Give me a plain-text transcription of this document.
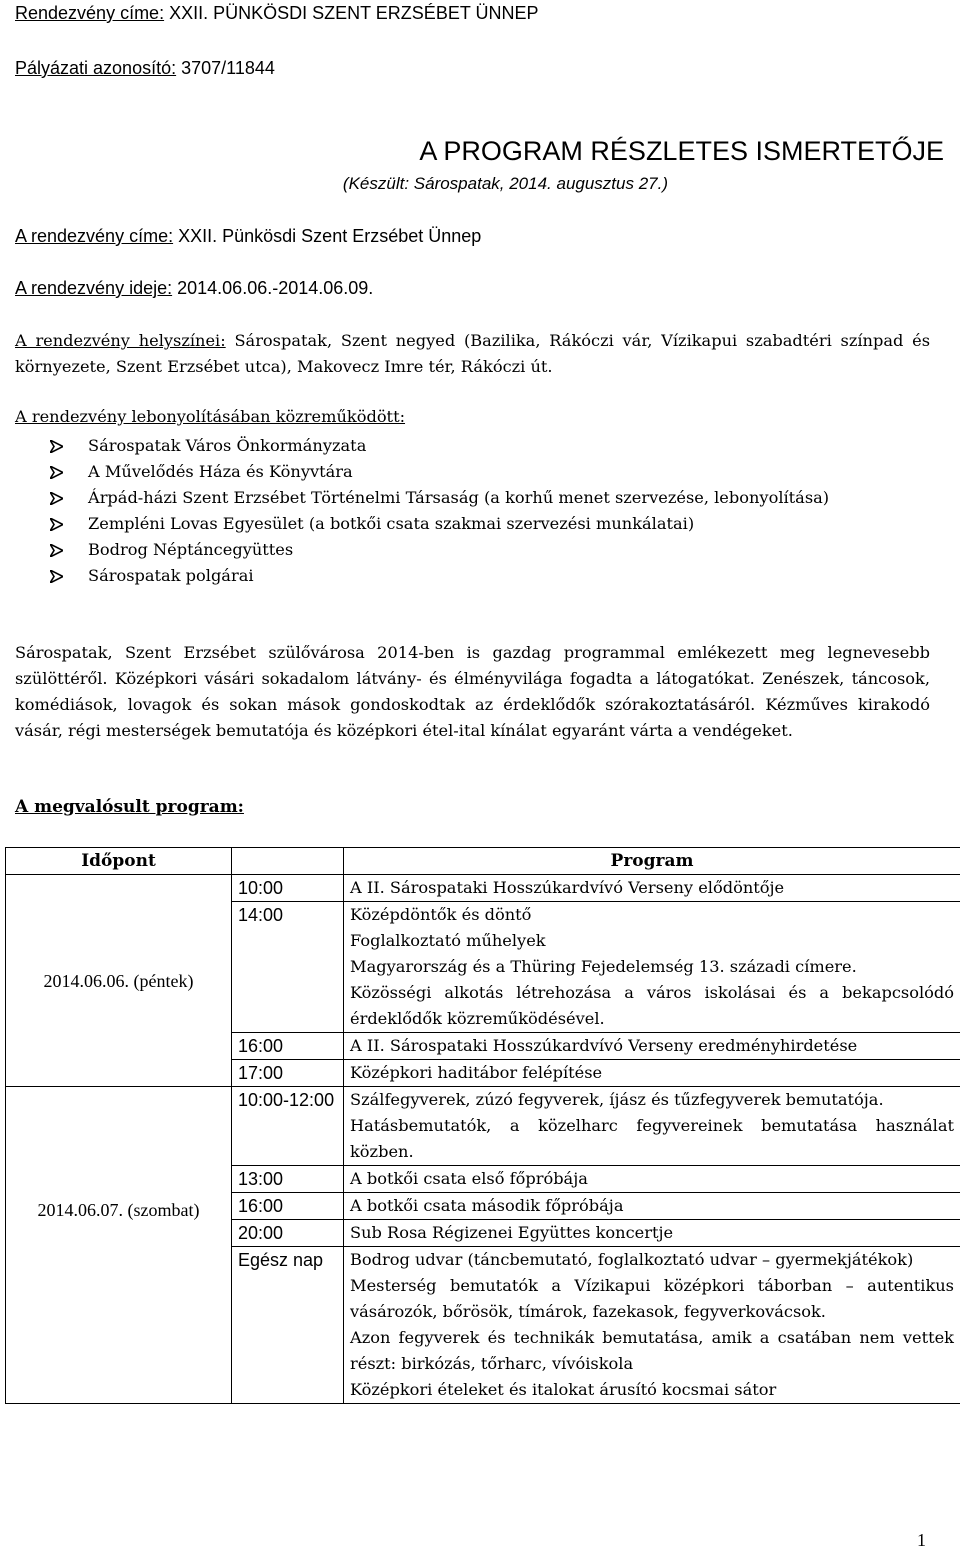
Rendezvény címe: XXII. PÜNKÖSDI SZENT ERZSÉBET ÜNNEP
Pályázati azonosító: 3707/11844
A PROGRAM RÉSZLETES ISMERTETŐJE
(Készült: Sárospatak, 2014. augusztus 27.)
A rendezvény címe: XXII. Pünkösdi Szent Erzsébet Ünnep
A rendezvény ideje: 2014.06.06.-2014.06.09.
A rendezvény helyszínei: Sárospatak, Szent negyed (Bazilika, Rákóczi vár, Vízikapui szabadtéri színpad és környezete, Szent Erzsébet utca), Makovecz Imre tér, Rákóczi út.
A rendezvény lebonyolításában közreműködött:
Sárospatak Város Önkormányzata
A Művelődés Háza és Könyvtára
Árpád-házi Szent Erzsébet Történelmi Társaság (a korhű menet szervezése, lebonyolítása)
Zempléni Lovas Egyesület (a botkői csata szakmai szervezési munkálatai)
Bodrog Néptáncegyüttes
Sárospatak polgárai
Sárospatak, Szent Erzsébet szülővárosa 2014-ben is gazdag programmal emlékezett meg legnevesebb szülöttéről. Középkori vásári sokadalom látvány- és élményvilága fogadta a látogatókat. Zenészek, táncosok, komédiások, lovagok és sokan mások gondoskodtak az érdeklődők szórakoztatásáról. Kézműves kirakodó vásár, régi mesterségek bemutatója és középkori étel-ital kínálat egyaránt várta a vendégeket.
A megvalósult program:
Időpont		Program
2014.06.06. (péntek)	10:00	A II. Sárospataki Hosszúkardvívó Verseny elődöntője
	14:00	Középdöntők és döntő
		Foglalkoztató műhelyek
		Magyarország és a Thüring Fejedelemség 13. századi címere.
		Közösségi alkotás létrehozása a város iskolásai és a bekapcsolódó érdeklődők közreműködésével.
	16:00	A II. Sárospataki Hosszúkardvívó Verseny eredményhirdetése
	17:00	Középkori haditábor felépítése
2014.06.07. (szombat)	10:00-12:00	Szálfegyverek, zúzó fegyverek, íjász és tűzfegyverek bemutatója.
		Hatásbemutatók, a közelharc fegyvereinek bemutatása használat közben.
	13:00	A botkői csata első főpróbája
	16:00	A botkői csata második főpróbája
	20:00	Sub Rosa Régizenei Együttes koncertje
	Egész nap	Bodrog udvar (táncbemutató, foglalkoztató udvar – gyermekjátékok)
		Mesterség bemutatók a Vízikapui középkori táborban – autentikus vásározók, bőrösök, tímárok, fazekasok, fegyverkovácsok.
		Azon fegyverek és technikák bemutatása, amik a csatában nem vettek részt: birkózás, tőrharc, vívóiskola
		Középkori ételeket és italokat árusító kocsmai sátor
1
